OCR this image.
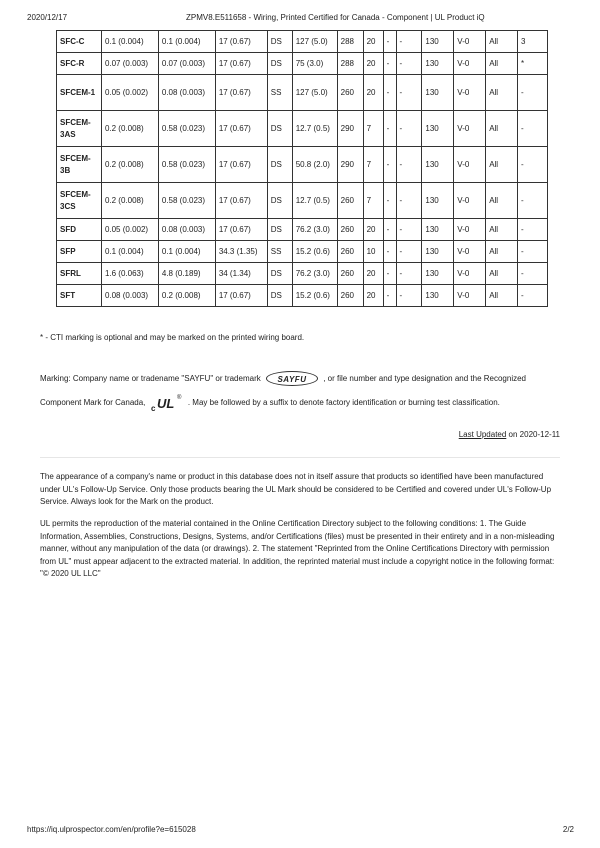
2020/12/17	ZPMV8.E511658 - Wiring, Printed Certified for Canada - Component | UL Product iQ
SFC-C	0.1 (0.004)	0.1 (0.004)	17 (0.67)	DS	127 (5.0)	288	20	-	-	130	V-0	All	3
SFC-R	0.07 (0.003)	0.07 (0.003)	17 (0.67)	DS	75 (3.0)	288	20	-	-	130	V-0	All	*
SFCEM-1	0.05 (0.002)	0.08 (0.003)	17 (0.67)	SS	127 (5.0)	260	20	-	-	130	V-0	All	-
SFCEM-3AS	0.2 (0.008)	0.58 (0.023)	17 (0.67)	DS	12.7 (0.5)	290	7	-	-	130	V-0	All	-
SFCEM-3B	0.2 (0.008)	0.58 (0.023)	17 (0.67)	DS	50.8 (2.0)	290	7	-	-	130	V-0	All	-
SFCEM-3CS	0.2 (0.008)	0.58 (0.023)	17 (0.67)	DS	12.7 (0.5)	260	7	-	-	130	V-0	All	-
SFD	0.05 (0.002)	0.08 (0.003)	17 (0.67)	DS	76.2 (3.0)	260	20	-	-	130	V-0	All	-
SFP	0.1 (0.004)	0.1 (0.004)	34.3 (1.35)	SS	15.2 (0.6)	260	10	-	-	130	V-0	All	-
SFRL	1.6 (0.063)	4.8 (0.189)	34 (1.34)	DS	76.2 (3.0)	260	20	-	-	130	V-0	All	-
SFT	0.08 (0.003)	0.2 (0.008)	17 (0.67)	DS	15.2 (0.6)	260	20	-	-	130	V-0	All	-
* - CTI marking is optional and may be marked on the printed wiring board.
Marking: Company name or tradename "SAYFU" or trademark SAYFU , or file number and type designation and the Recognized Component Mark for Canada,
c UL ®
. May be followed by a suffix to denote factory identification or burning test classification.
Last Updated on 2020-12-11

The appearance of a company's name or product in this database does not in itself assure that products so identified have been manufactured under UL's Follow-Up Service. Only those products bearing the UL Mark should be considered to be Certified and covered under UL's Follow-Up Service. Always look for the Mark on the product.

UL permits the reproduction of the material contained in the Online Certification Directory subject to the following conditions: 1. The Guide Information, Assemblies, Constructions, Designs, Systems, and/or Certifications (files) must be presented in their entirety and in a non-misleading manner, without any manipulation of the data (or drawings). 2. The statement "Reprinted from the Online Certifications Directory with permission from UL" must appear adjacent to the extracted material. In addition, the reprinted material must include a copyright notice in the following format: "© 2020 UL LLC"

https://iq.ulprospector.com/en/profile?e=615028	2/2
